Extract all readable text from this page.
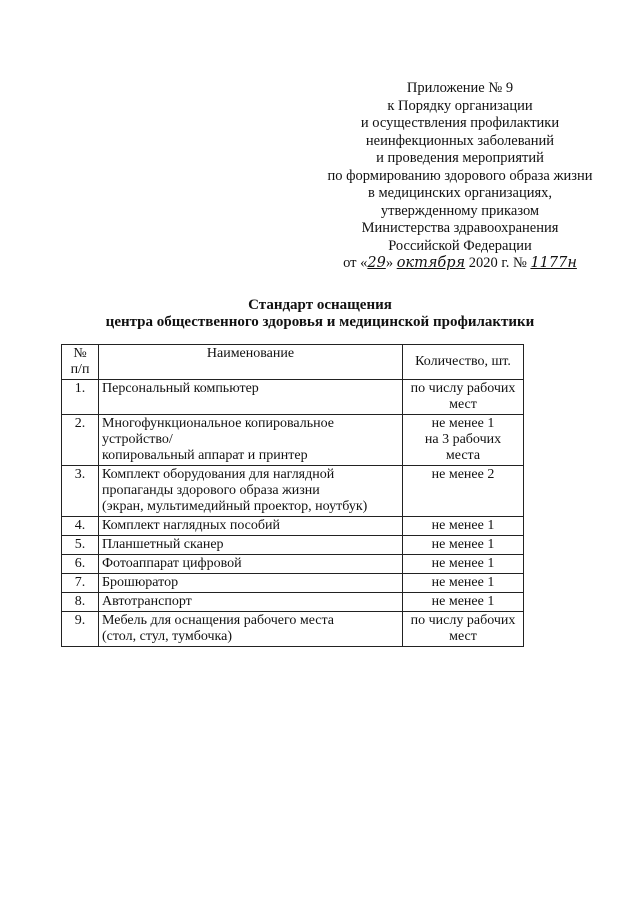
Приложение № 9
к Порядку организации
и осуществления профилактики
неинфекционных заболеваний
и проведения мероприятий
по формированию здорового образа жизни
в медицинских организациях,
утвержденному приказом
Министерства здравоохранения
Российской Федерации
от «29» октября 2020 г. № 1177н
Стандарт оснащения
центра общественного здоровья и медицинской профилактики
№
п/п	Наименование	Количество, шт.
1.	Персональный компьютер	по числу рабочих
мест
2.	Многофункциональное копировальное
устройство/
копировальный аппарат и принтер	не менее 1
на 3 рабочих
места
3.	Комплект оборудования для наглядной
пропаганды здорового образа жизни
(экран, мультимедийный проектор, ноутбук)	не менее 2
4.	Комплект наглядных пособий	не менее 1
5.	Планшетный сканер	не менее 1
6.	Фотоаппарат цифровой	не менее 1
7.	Брошюратор	не менее 1
8.	Автотранспорт	не менее 1
9.	Мебель для оснащения рабочего места
(стол, стул, тумбочка)	по числу рабочих
мест
